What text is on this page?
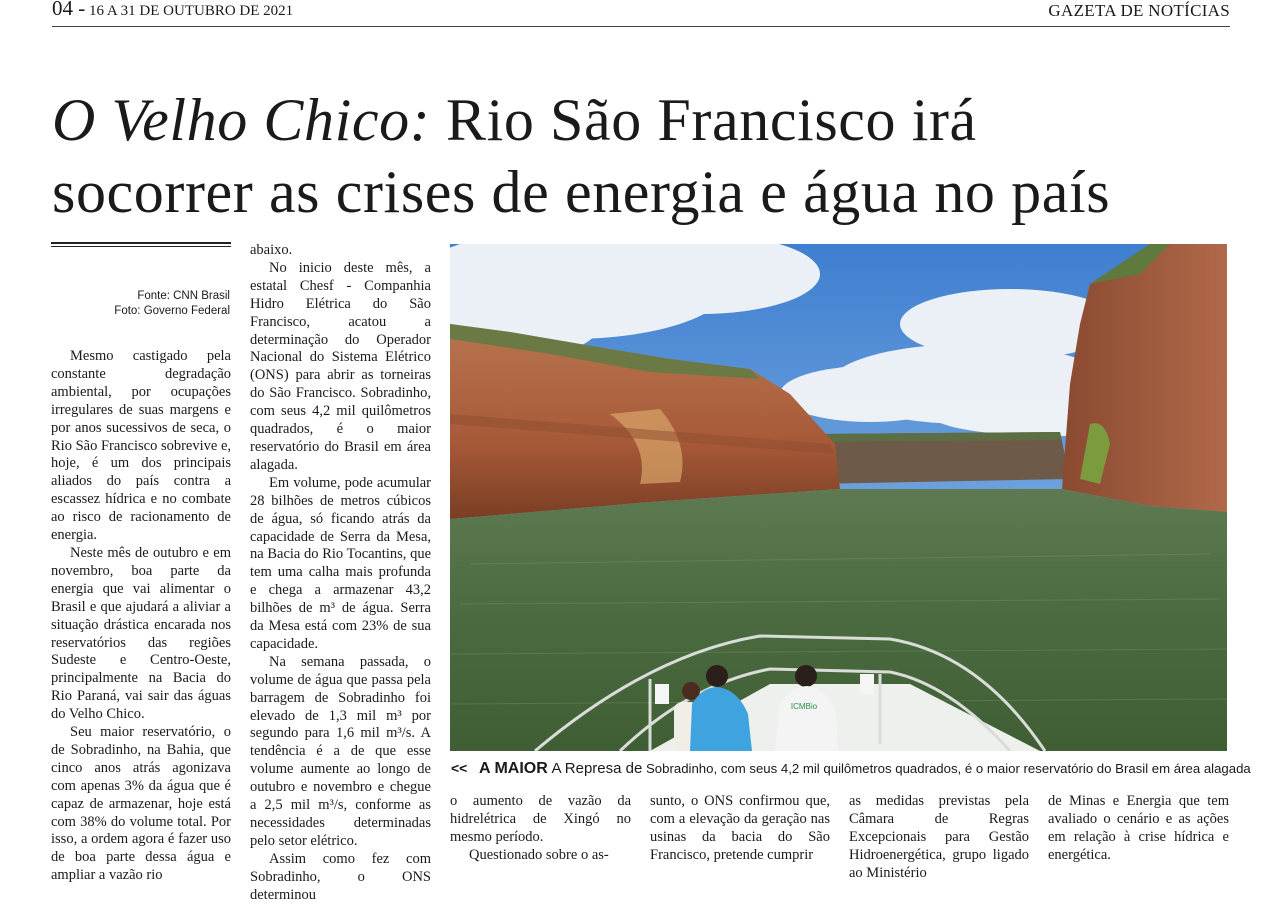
04 - 16 A 31 DE OUTUBRO DE 2021	GAZETA DE NOTÍCIAS
O Velho Chico: Rio São Francisco irá
socorrer as crises de energia e água no país
Fonte: CNN Brasil
Foto: Governo Federal

Mesmo castigado pela constante degradação ambiental, por ocupações irregulares de suas margens e por anos sucessivos de seca, o Rio São Francisco sobrevive e, hoje, é um dos principais aliados do país contra a escassez hídrica e no combate ao risco de racionamento de energia.

Neste mês de outubro e em novembro, boa parte da energia que vai alimentar o Brasil e que ajudará a aliviar a situação drástica encarada nos reservatórios das regiões Sudeste e Centro-Oeste, principalmente na Bacia do Rio Paraná, vai sair das águas do Velho Chico.

Seu maior reservatório, o de Sobradinho, na Bahia, que cinco anos atrás agonizava com apenas 3% da água que é capaz de armazenar, hoje está com 38% do volume total. Por isso, a ordem agora é fazer uso de boa parte dessa água e ampliar a vazão rio

abaixo.

No inicio deste mês, a estatal Chesf - Companhia Hidro Elétrica do São Francisco, acatou a determinação do Operador Nacional do Sistema Elétrico (ONS) para abrir as torneiras do São Francisco. Sobradinho, com seus 4,2 mil quilômetros quadrados, é o maior reservatório do Brasil em área alagada.

Em volume, pode acumular 28 bilhões de metros cúbicos de água, só ficando atrás da capacidade de Serra da Mesa, na Bacia do Rio Tocantins, que tem uma calha mais profunda e chega a armazenar 43,2 bilhões de m³ de água. Serra da Mesa está com 23% de sua capacidade.

Na semana passada, o volume de água que passa pela barragem de Sobradinho foi elevado de 1,3 mil m³ por segundo para 1,6 mil m³/s. A tendência é a de que esse volume aumente ao longo de outubro e novembro e chegue a 2,5 mil m³/s, conforme as necessidades determinadas pelo setor elétrico.

Assim como fez com Sobradinho, o ONS determinou

ICMBio
<< A MAIOR A Represa de Sobradinho, com seus 4,2 mil quilômetros quadrados, é o maior reservatório do Brasil em área alagada

o aumento de vazão da hidrelétrica de Xingó no mesmo período.

Questionado sobre o as-

sunto, o ONS confirmou que, com a elevação da geração nas usinas da bacia do São Francisco, pretende cumprir

as medidas previstas pela Câmara de Regras Excepcionais para Gestão Hidroenergética, grupo ligado ao Ministério

de Minas e Energia que tem avaliado o cenário e as ações em relação à crise hídrica e energética.
